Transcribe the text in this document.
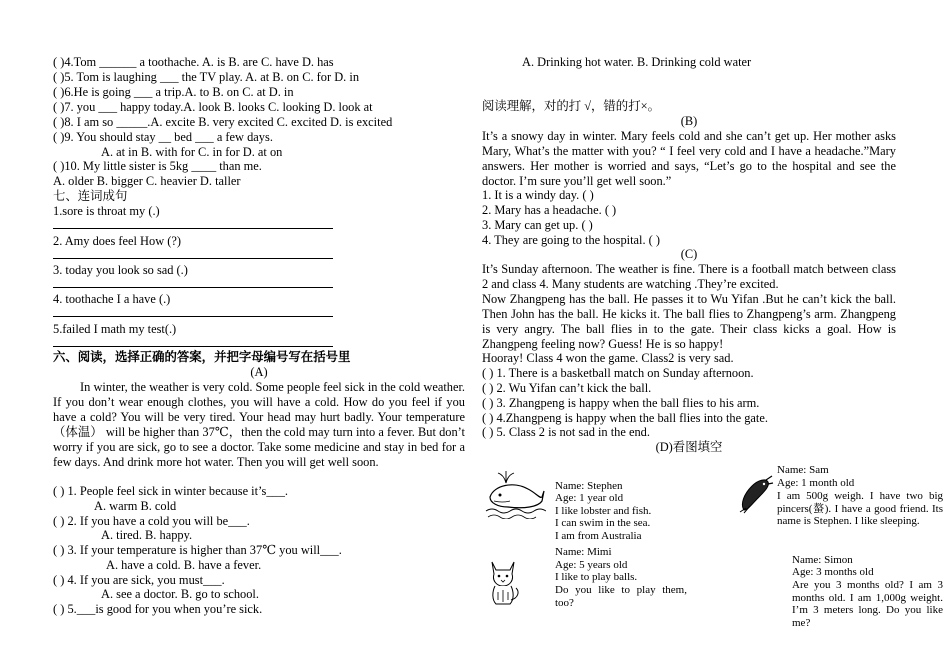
( )4.Tom ______ a toothache. A. is B. are C. have D. has
( )5. Tom is laughing ___ the TV play. A. at B. on C. for D. in
( )6.He is going ___ a trip.A. to B. on C. at D. in
( )7. you ___ happy today.A. look B. looks C. looking D. look at
( )8. I am so _____.A. excite B. very excited C. excited D. is excited
( )9. You should stay __ bed ___ a few days.
A. at in B. with for C. in for D. at on
( )10. My little sister is 5kg ____ than me.
A. older B. bigger C. heavier D. taller
七、连词成句
1.sore is throat my (.)
2. Amy does feel How (?)
3. today you look so sad (.)
4. toothache I a have (.)
5.failed I math my test(.)
六、阅读，选择正确的答案，并把字母编号写在括号里
(A)
In winter, the weather is very cold. Some people feel sick in the cold weather. If you don’t wear enough clothes, you will have a cold. How do you feel if you have a cold? You will be very tired. Your head may hurt badly. Your temperature（体温） will be higher than 37℃，then the cold may turn into a fever. But don’t worry if you are sick, go to see a doctor. Take some medicine and stay in bed for a few days. And drink more hot water. Then you will get well soon.
( ) 1. People feel sick in winter because it’s___.
A. warm B. cold
( ) 2. If you have a cold you will be___.
A. tired. B. happy.
( ) 3. If your temperature is higher than 37℃ you will___.
A. have a cold. B. have a fever.
( ) 4. If you are sick, you must___.
A. see a doctor. B. go to school.
( ) 5.___is good for you when you’re sick.
A. Drinking hot water. B. Drinking cold water
阅读理解，对的打 √，错的打×。
(B)
It’s a snowy day in winter. Mary feels cold and she can’t get up. Her mother asks Mary, What’s the matter with you? “ I feel very cold and I have a headache.”Mary answers. Her mother is worried and says, “Let’s go to the hospital and see the doctor. I’m sure you’ll get well soon.”
1. It is a windy day. ( )
2. Mary has a headache. ( )
3. Mary can get up. ( )
4. They are going to the hospital. ( )
(C)
It’s Sunday afternoon. The weather is fine. There is a football match between class 2 and class 4. Many students are watching .They’re excited.
Now Zhangpeng has the ball. He passes it to Wu Yifan .But he can’t kick the ball. Then John has the ball. He kicks it. The ball flies to Zhangpeng’s arm. Zhangpeng is very angry. The ball flies in to the gate. Their class kicks a goal. How is Zhangpeng feeling now? Guess! He is so happy!
Hooray! Class 4 won the game. Class2 is very sad.
( ) 1. There is a basketball match on Sunday afternoon.
( ) 2. Wu Yifan can’t kick the ball.
( ) 3. Zhangpeng is happy when the ball flies to his arm.
( ) 4.Zhangpeng is happy when the ball flies into the gate.
( ) 5. Class 2 is not sad in the end.
(D)看图填空
Name: Stephen
Age: 1 year old
I like lobster and fish.
I can swim in the sea.
I am from Australia
Name: Sam
Age: 1 month old
I am 500g weigh. I have two big pincers(螯). I have a good friend. Its name is Stephen. I like sleeping.
Name: Mimi
Age: 5 years old
I like to play balls.
Do you like to play them, too?
Name: Simon
Age: 3 months old
Are you 3 months old? I am 3 months old. I am 1,000g weight. I’m 3 meters long. Do you like me?
